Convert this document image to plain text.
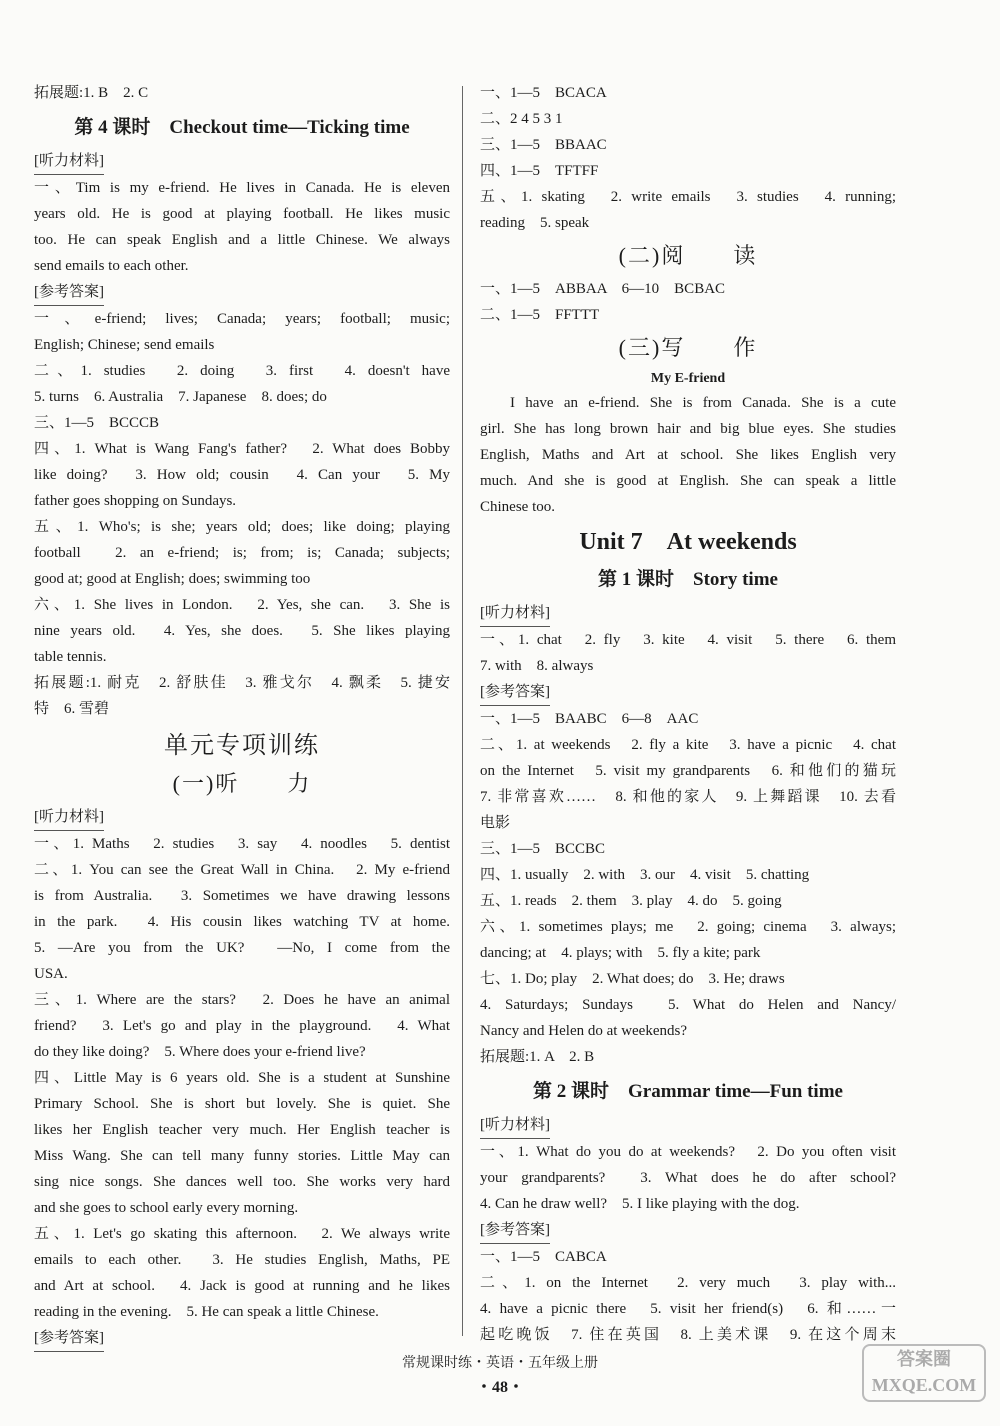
拓展题:1. B　2. C
第 4 课时　Checkout time—Ticking time
[ 听力材料 ]
一、Tim is my e-friend. He lives in Canada. He is eleven
years old. He is good at playing football. He likes music
too. He can speak English and a little Chinese. We always
send emails to each other.
[ 参考答案 ]
一、e-friend; lives; Canada; years; football; music;
English; Chinese; send emails
二、1. studies　2. doing　3. first　4. doesn't have
5. turns　6. Australia　7. Japanese　8. does; do
三、1—5　BCCCB
四、1. What is Wang Fang's father?　2. What does Bobby
like doing?　3. How old; cousin　4. Can your　5. My
father goes shopping on Sundays.
五、1. Who's; is she; years old; does; like doing; playing
football　2. an e-friend; is; from; is; Canada; subjects;
good at; good at English; does; swimming too
六、1. She lives in London.　2. Yes, she can.　3. She is
nine years old.　4. Yes, she does.　5. She likes playing
table tennis.
拓展题:1. 耐克　2. 舒肤佳　3. 雅戈尔　4. 飘柔　5. 捷安
特　6. 雪碧
单元专项训练
(一)听　　力
[ 听力材料 ]
一、1. Maths　2. studies　3. say　4. noodles　5. dentist
二、1. You can see the Great Wall in China.　2. My e-friend
is from Australia.　3. Sometimes we have drawing lessons
in the park.　4. His cousin likes watching TV at home.
5. —Are you from the UK?　—No, I come from the
USA.
三、1. Where are the stars?　2. Does he have an animal
friend?　3. Let's go and play in the playground.　4. What
do they like doing?　5. Where does your e-friend live?
四、Little May is 6 years old. She is a student at Sunshine
Primary School. She is short but lovely. She is quiet. She
likes her English teacher very much. Her English teacher is
Miss Wang. She can tell many funny stories. Little May can
sing nice songs. She dances well too. She works very hard
and she goes to school early every morning.
五、1. Let's go skating this afternoon.　2. We always write
emails to each other.　3. He studies English, Maths, PE
and Art at school.　4. Jack is good at running and he likes
reading in the evening.　5. He can speak a little Chinese.
[ 参考答案 ]
一、1—5　BCACA
二、2 4 5 3 1
三、1—5　BBAAC
四、1—5　TFTFF
五、1. skating　2. write emails　3. studies　4. running;
reading　5. speak
(二)阅　　读
一、1—5　ABBAA　6—10　BCBAC
二、1—5　FFTTT
(三)写　　作
My E-friend
I have an e-friend. She is from Canada. She is a cute
girl. She has long brown hair and big blue eyes. She studies
English, Maths and Art at school. She likes English very
much. And she is good at English. She can speak a little
Chinese too.
Unit 7　At weekends
第 1 课时　Story time
[ 听力材料 ]
一、1. chat　2. fly　3. kite　4. visit　5. there　6. them
7. with　8. always
[ 参考答案 ]
一、1—5　BAABC　6—8　AAC
二、1. at weekends　2. fly a kite　3. have a picnic　4. chat
on the Internet　5. visit my grandparents　6. 和他们的猫玩
7. 非常喜欢……　8. 和他的家人　9. 上舞蹈课　10. 去看
电影
三、1—5　BCCBC
四、1. usually　2. with　3. our　4. visit　5. chatting
五、1. reads　2. them　3. play　4. do　5. going
六、1. sometimes plays; me　2. going; cinema　3. always;
dancing; at　4. plays; with　5. fly a kite; park
七、1. Do; play　2. What does; do　3. He; draws
4. Saturdays; Sundays　5. What do Helen and Nancy/
Nancy and Helen do at weekends?
拓展题:1. A　2. B
第 2 课时　Grammar time—Fun time
[ 听力材料 ]
一、1. What do you do at weekends?　2. Do you often visit
your grandparents?　3. What does he do after school?
4. Can he draw well?　5. I like playing with the dog.
[ 参考答案 ]
一、1—5　CABCA
二、1. on the Internet　2. very much　3. play with...
4. have a picnic there　5. visit her friend(s)　6. 和……一
起吃晚饭　7. 住在英国　8. 上美术课　9. 在这个周末
常规课时练・英语・五年级上册
・48・
答案圈 MXQE.COM
